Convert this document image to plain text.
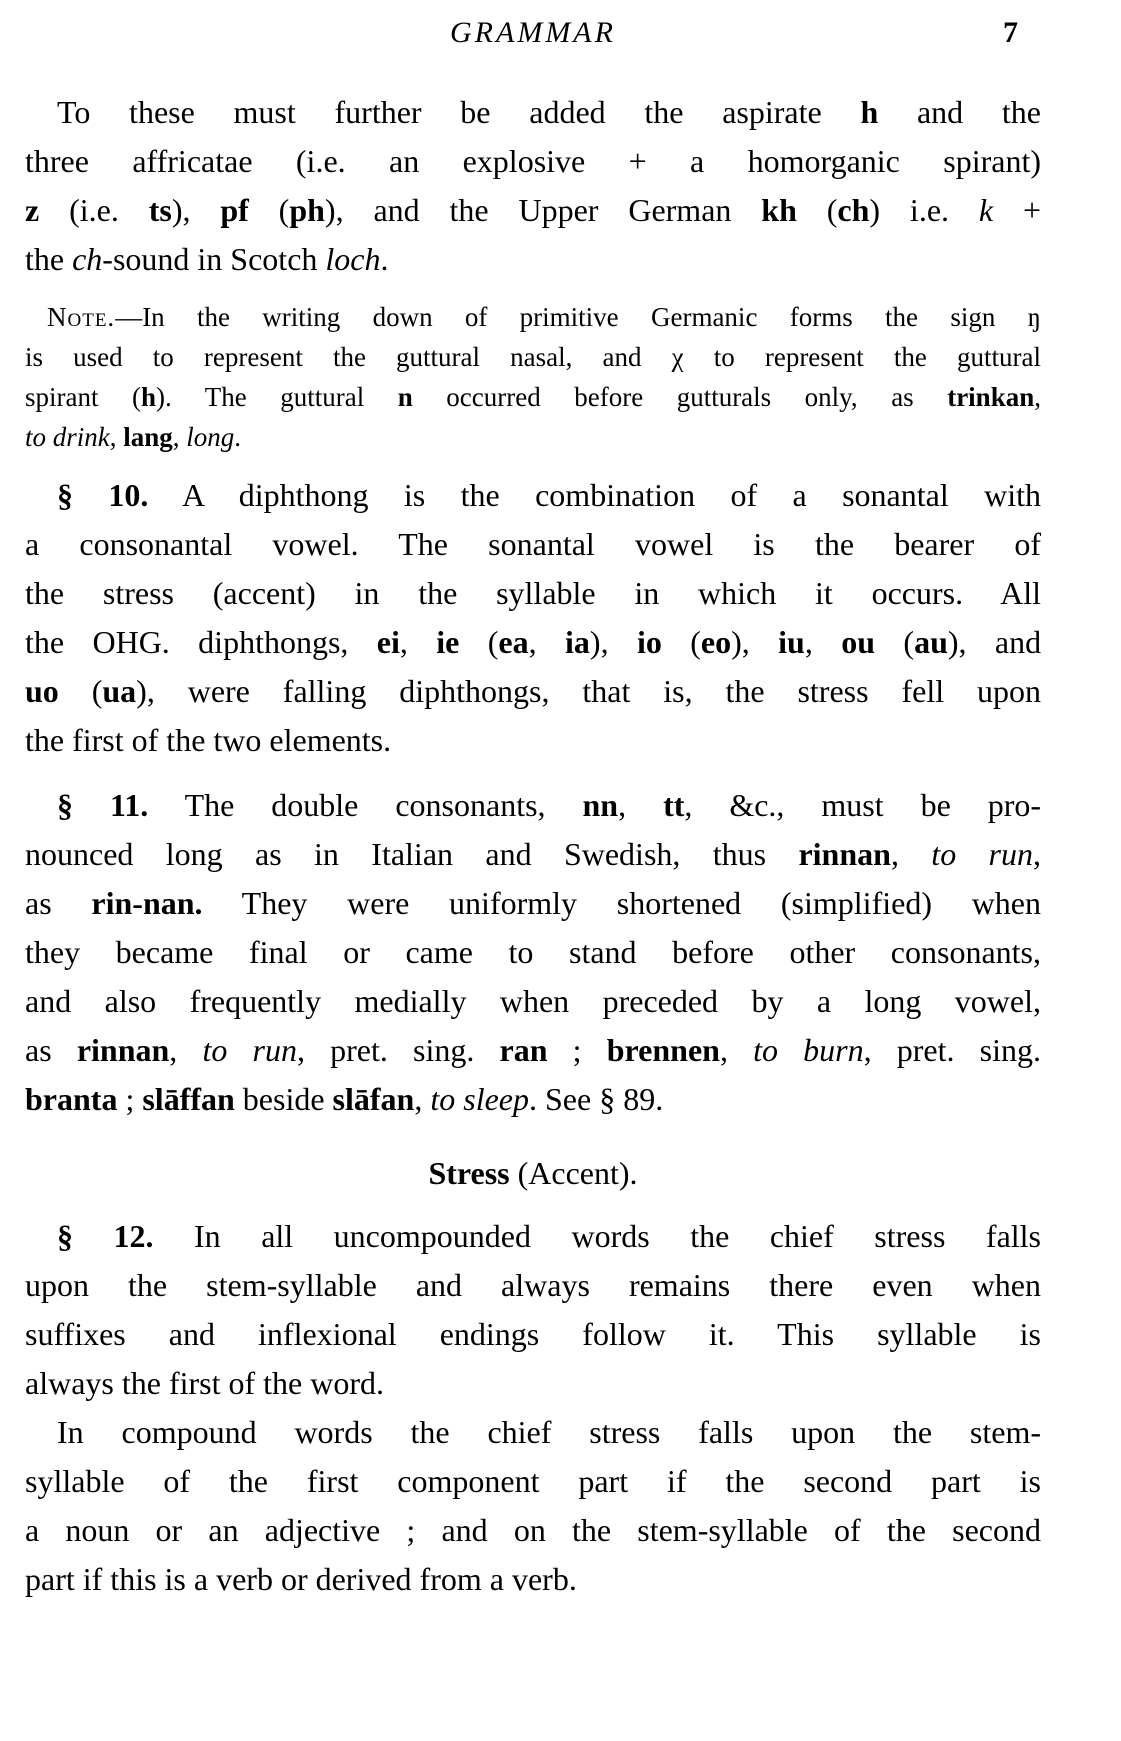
GRAMMAR	7
To these must further be added the aspirate h and the
three affricatae (i.e. an explosive + a homorganic spirant)
z (i.e. ts), pf (ph), and the Upper German kh (ch) i.e. k +
the ch-sound in Scotch loch.
Note.—In the writing down of primitive Germanic forms the sign ŋ
is used to represent the guttural nasal, and χ to represent the guttural
spirant (h). The guttural n occurred before gutturals only, as trinkan,
to drink, lang, long.
§ 10. A diphthong is the combination of a sonantal with
a consonantal vowel. The sonantal vowel is the bearer of
the stress (accent) in the syllable in which it occurs. All
the OHG. diphthongs, ei, ie (ea, ia), io (eo), iu, ou (au), and
uo (ua), were falling diphthongs, that is, the stress fell upon
the first of the two elements.
§ 11. The double consonants, nn, tt, &c., must be pro-
nounced long as in Italian and Swedish, thus rinnan, to run,
as rin-nan. They were uniformly shortened (simplified) when
they became final or came to stand before other consonants,
and also frequently medially when preceded by a long vowel,
as rinnan, to run, pret. sing. ran ; brennen, to burn, pret. sing.
branta ; slāffan beside slāfan, to sleep. See § 89.
Stress (Accent).
§ 12. In all uncompounded words the chief stress falls
upon the stem-syllable and always remains there even when
suffixes and inflexional endings follow it. This syllable is
always the first of the word.
In compound words the chief stress falls upon the stem-
syllable of the first component part if the second part is
a noun or an adjective ; and on the stem-syllable of the second
part if this is a verb or derived from a verb.
